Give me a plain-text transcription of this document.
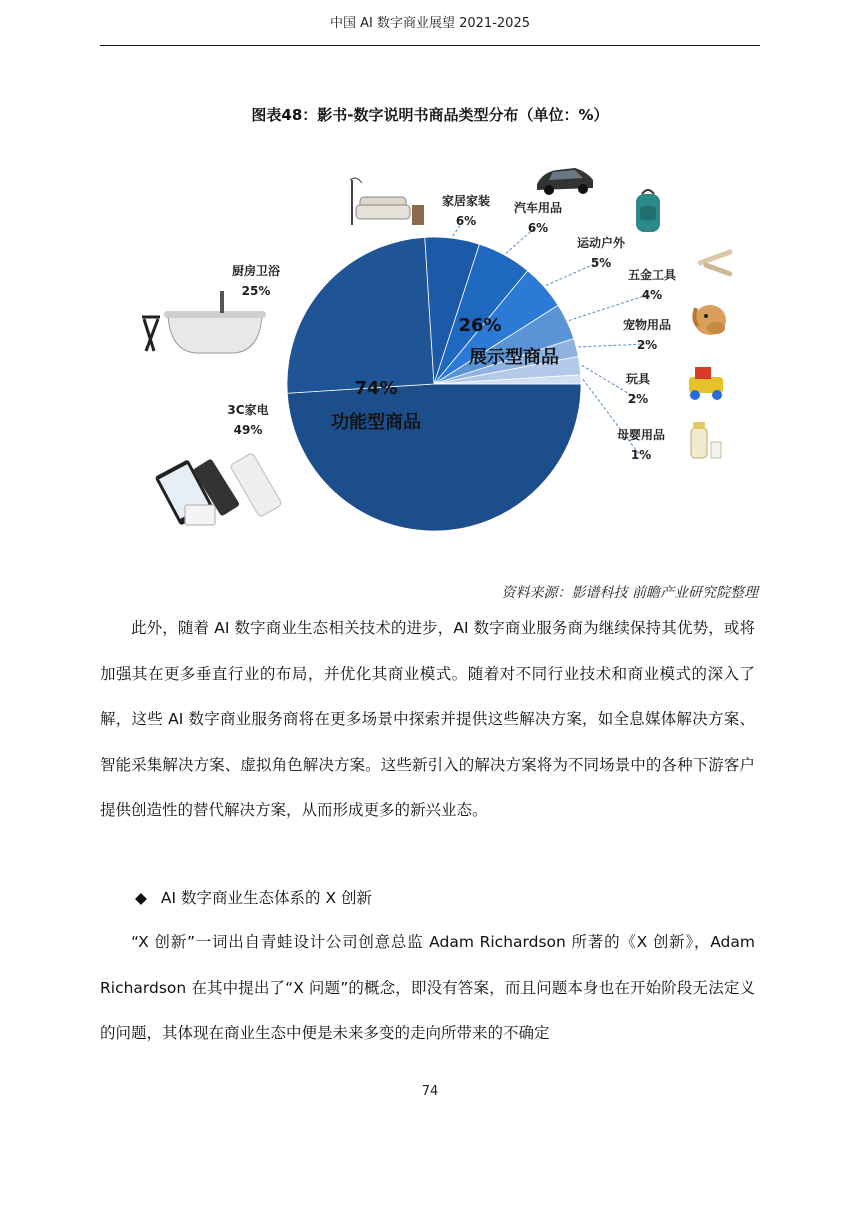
中国 AI 数字商业展望 2021-2025
图表48：影书-数字说明书商品类型分布（单位：%）
3C家电
49%
厨房卫浴
25%
家居家装
6%
汽车用品
6%
运动户外
5%
五金工具
4%
宠物用品
2%
玩具
2%
母婴用品
1%
74%
功能型商品
26%
展示型商品
资料来源：影谱科技 前瞻产业研究院整理

此外，随着 AI 数字商业生态相关技术的进步，AI 数字商业服务商为继续保持其优势，或将加强其在更多垂直行业的布局，并优化其商业模式。随着对不同行业技术和商业模式的深入了解，这些 AI 数字商业服务商将在更多场景中探索并提供这些解决方案，如全息媒体解决方案、智能采集解决方案、虚拟角色解决方案。这些新引入的解决方案将为不同场景中的各种下游客户提供创造性的替代解决方案，从而形成更多的新兴业态。

◆ AI 数字商业生态体系的 X 创新

“X 创新”一词出自青蛙设计公司创意总监 Adam Richardson 所著的《X 创新》，Adam Richardson 在其中提出了“X 问题”的概念，即没有答案，而且问题本身也在开始阶段无法定义的问题，其体现在商业生态中便是未来多变的走向所带来的不确定

74
